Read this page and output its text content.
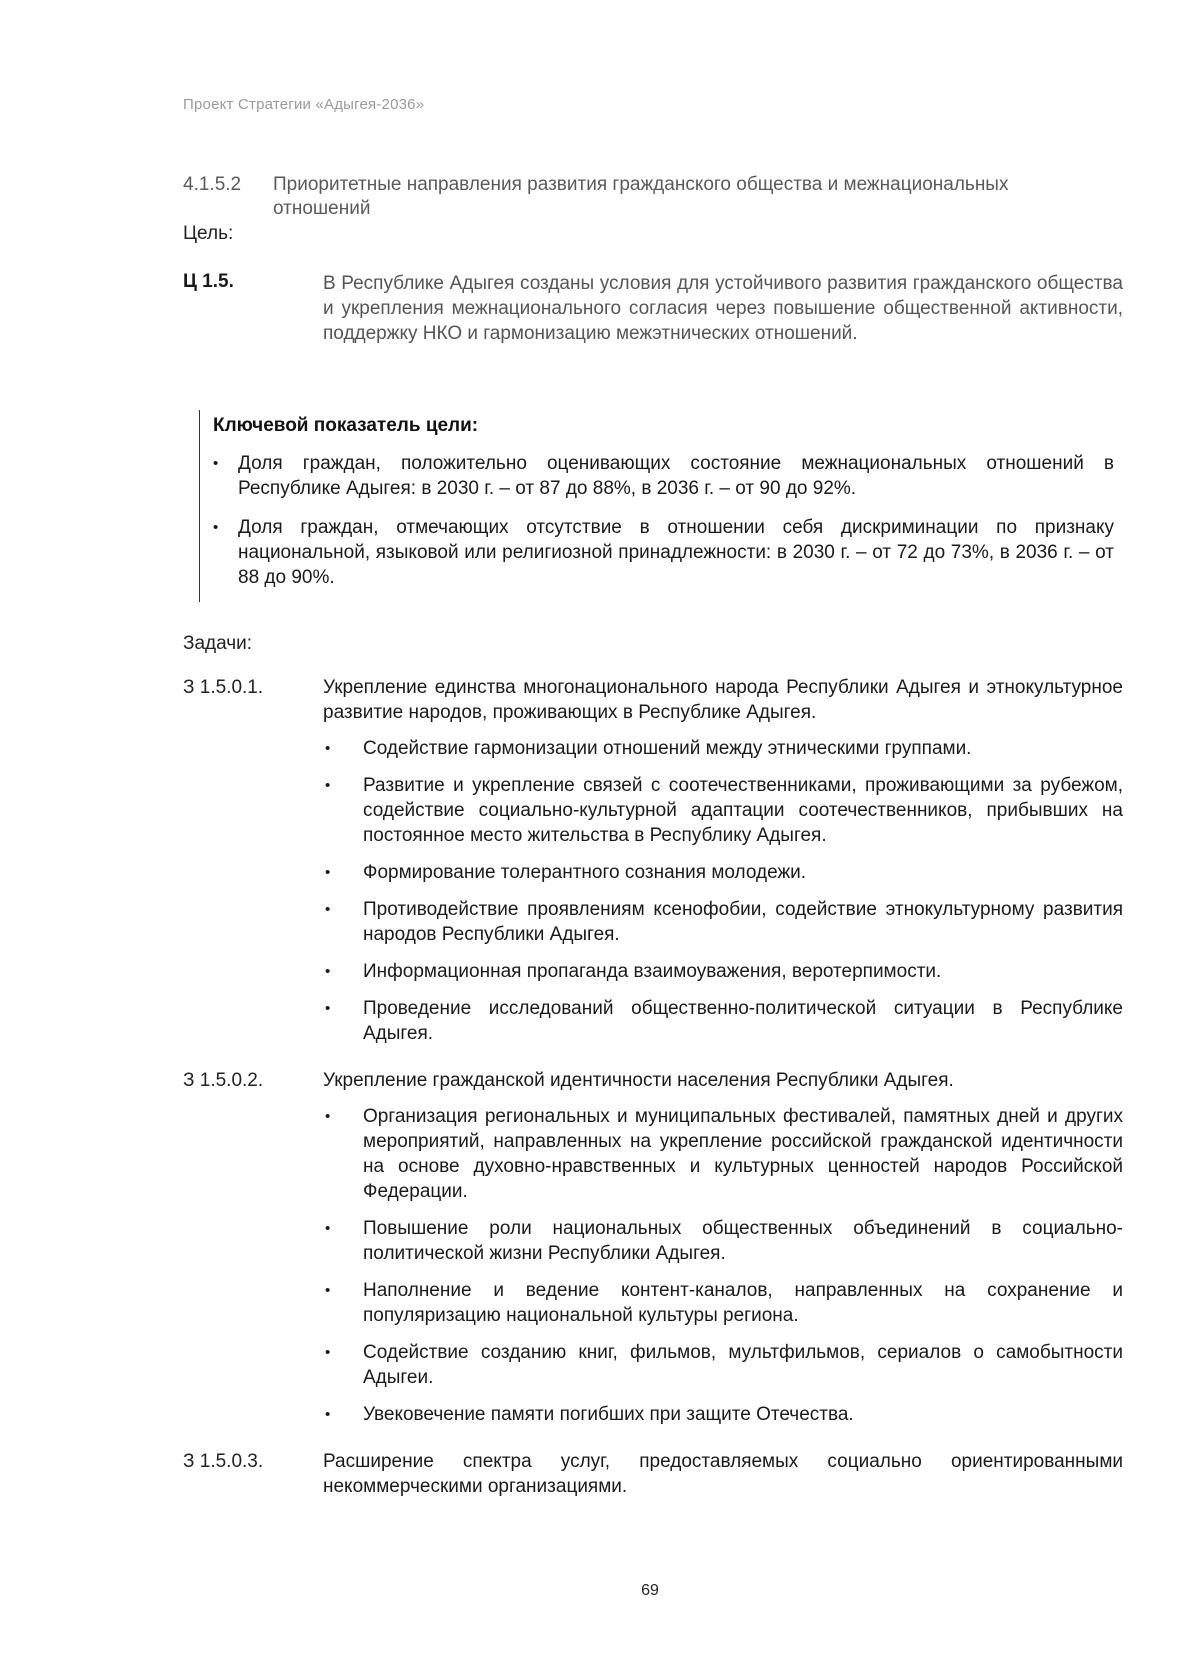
Проект Стратегии «Адыгея-2036»
4.1.5.2	Приоритетные направления развития гражданского общества и межнациональных отношений
Цель:
Ц 1.5.	В Республике Адыгея созданы условия для устойчивого развития гражданского общества и укрепления межнационального согласия через повышение общественной активности, поддержку НКО и гармонизацию межэтнических отношений.
Ключевой показатель цели:
• Доля граждан, положительно оценивающих состояние межнациональных отношений в Республике Адыгея: в 2030 г. – от 87 до 88%, в 2036 г. – от 90 до 92%.
• Доля граждан, отмечающих отсутствие в отношении себя дискриминации по признаку национальной, языковой или религиозной принадлежности: в 2030 г. – от 72 до 73%, в 2036 г. – от 88 до 90%.
Задачи:
З 1.5.0.1.	Укрепление единства многонационального народа Республики Адыгея и этнокультурное развитие народов, проживающих в Республике Адыгея.
• Содействие гармонизации отношений между этническими группами.
• Развитие и укрепление связей с соотечественниками, проживающими за рубежом, содействие социально-культурной адаптации соотечественников, прибывших на постоянное место жительства в Республику Адыгея.
• Формирование толерантного сознания молодежи.
• Противодействие проявлениям ксенофобии, содействие этнокультурному развития народов Республики Адыгея.
• Информационная пропаганда взаимоуважения, веротерпимости.
• Проведение исследований общественно-политической ситуации в Республике Адыгея.
З 1.5.0.2.	Укрепление гражданской идентичности населения Республики Адыгея.
• Организация региональных и муниципальных фестивалей, памятных дней и других мероприятий, направленных на укрепление российской гражданской идентичности на основе духовно-нравственных и культурных ценностей народов Российской Федерации.
• Повышение роли национальных общественных объединений в социально-политической жизни Республики Адыгея.
• Наполнение и ведение контент-каналов, направленных на сохранение и популяризацию национальной культуры региона.
• Содействие созданию книг, фильмов, мультфильмов, сериалов о самобытности Адыгеи.
• Увековечение памяти погибших при защите Отечества.
З 1.5.0.3.	Расширение спектра услуг, предоставляемых социально ориентированными некоммерческими организациями.
69
